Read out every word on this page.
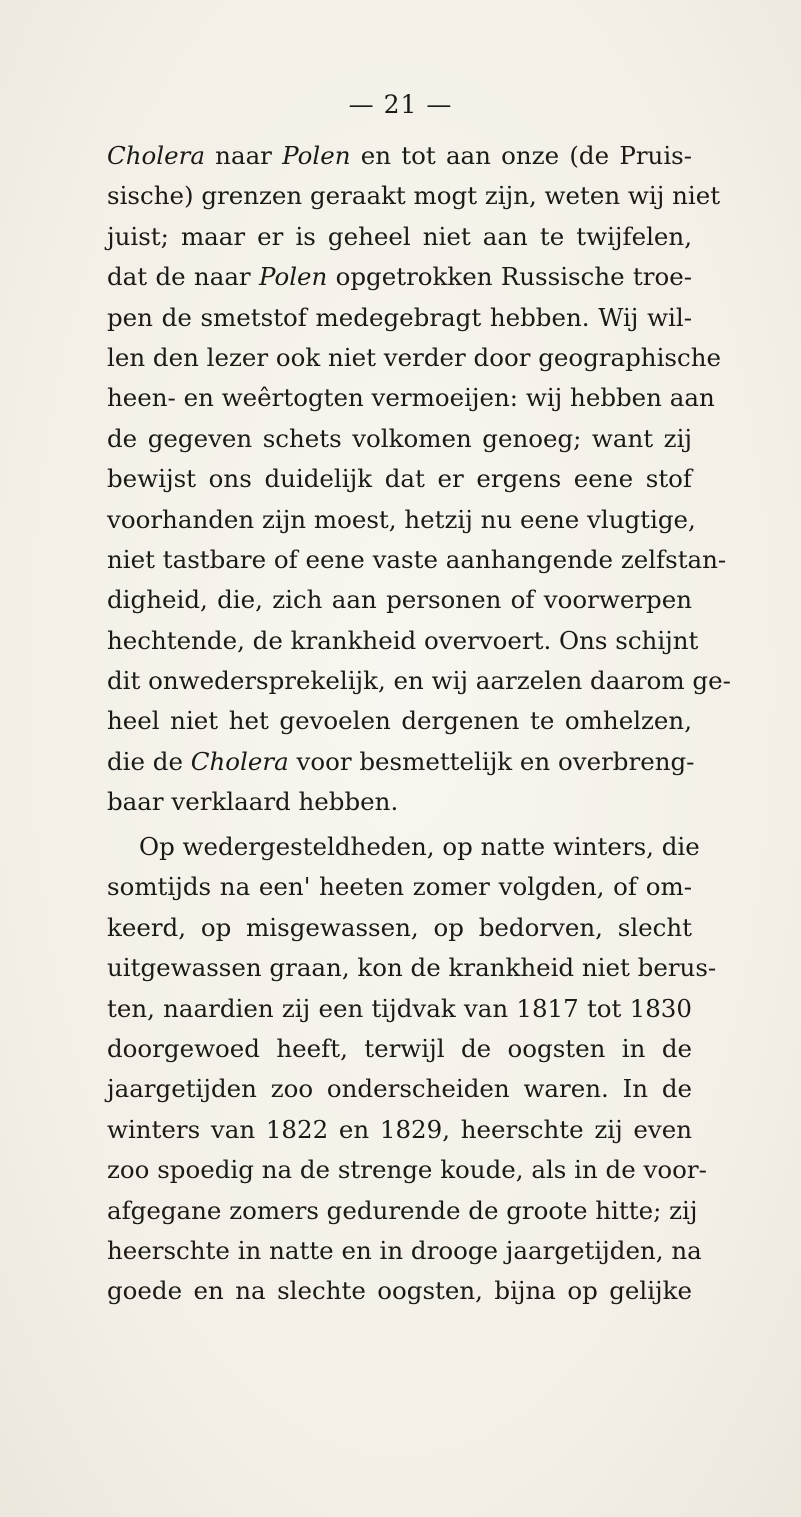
— 21 —
Cholera naar Polen en tot aan onze (de Pruis-
sische) grenzen geraakt mogt zijn, weten wij niet
juist; maar er is geheel niet aan te twijfelen,
dat de naar Polen opgetrokken Russische troe-
pen de smetstof medegebragt hebben. Wij wil-
len den lezer ook niet verder door geographische
heen- en weêrtogten vermoeijen: wij hebben aan
de gegeven schets volkomen genoeg; want zij
bewijst ons duidelijk dat er ergens eene stof
voorhanden zijn moest, hetzij nu eene vlugtige,
niet tastbare of eene vaste aanhangende zelfstan-
digheid, die, zich aan personen of voorwerpen
hechtende, de krankheid overvoert. Ons schijnt
dit onwedersprekelijk, en wij aarzelen daarom ge-
heel niet het gevoelen dergenen te omhelzen,
die de Cholera voor besmettelijk en overbreng-
baar verklaard hebben.
Op wedergesteldheden, op natte winters, die
somtijds na een' heeten zomer volgden, of om-
keerd, op misgewassen, op bedorven, slecht
uitgewassen graan, kon de krankheid niet berus-
ten, naardien zij een tijdvak van 1817 tot 1830
doorgewoed heeft, terwijl de oogsten in de
jaargetijden zoo onderscheiden waren. In de
winters van 1822 en 1829, heerschte zij even
zoo spoedig na de strenge koude, als in de voor-
afgegane zomers gedurende de groote hitte; zij
heerschte in natte en in drooge jaargetijden, na
goede en na slechte oogsten, bijna op gelijke
